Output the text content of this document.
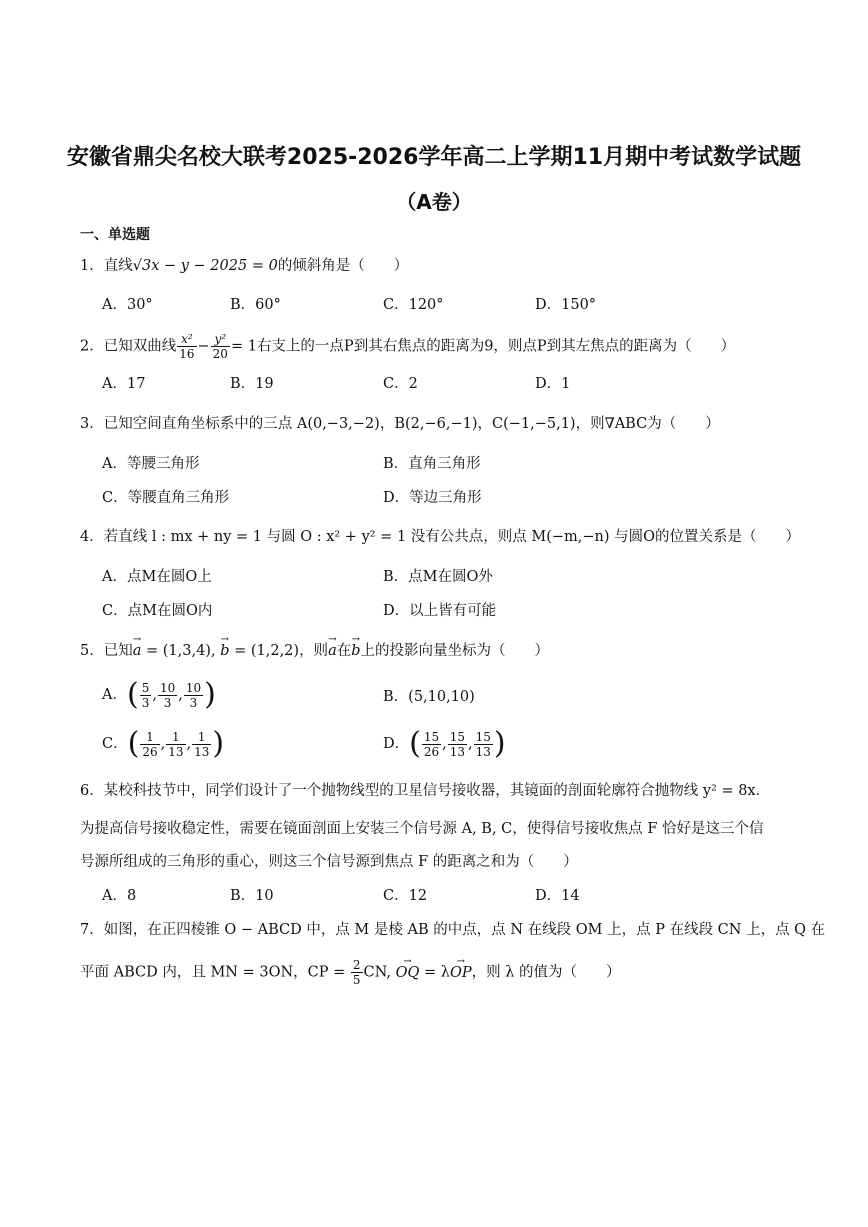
安徽省鼎尖名校大联考2025-2026学年高二上学期11月期中考试数学试题
（A卷）
一、单选题
1．直线√3x − y − 2025 = 0的倾斜角是（　　）
A．30°	B．60°	C．120°	D．150°
2．已知双曲线 $\frac{\text{x²}}{16} - \frac{\text{y²}}{20} = 1$右支上的一点P到其右焦点的距离为9，则点P到其左焦点的距离为（　　）
A．17	B．19	C．2	D．1
3．已知空间直角坐标系中的三点 A(0,−3,−2)，B(2,−6,−1)，C(−1,−5,1)，则∇ABC为（　　）
A．等腰三角形	B．直角三角形
C．等腰直角三角形	D．等边三角形
4．若直线 l : mx + ny = 1 与圆 O : x² + y² = 1 没有公共点，则点 M(−m,−n) 与圆O的位置关系是（　　）
A．点M在圆O上	B．点M在圆O外
C．点M在圆O内	D．以上皆有可能
5．已知→ a = (1,3,4), → b = (1,2,2)，则→ a在→ b上的投影向量坐标为（　　）
A．( $\frac{5}{3}$ , $\frac{10}{3}$ , $\frac{10}{3}$ )	B．(5,10,10)
C．( $\frac{1}{26}$ , $\frac{1}{13}$ , $\frac{1}{13}$ )	D．( $\frac{15}{26}$ , $\frac{15}{13}$ , $\frac{15}{13}$ )
6．某校科技节中，同学们设计了一个抛物线型的卫星信号接收器，其镜面的剖面轮廓符合抛物线 y² = 8x．
为提高信号接收稳定性，需要在镜面剖面上安装三个信号源 A, B, C，使得信号接收焦点 F 恰好是这三个信
号源所组成的三角形的重心，则这三个信号源到焦点 F 的距离之和为（　　）
A．8	B．10	C．12	D．14
7．如图，在正四棱锥 O − ABCD 中，点 M 是棱 AB 的中点，点 N 在线段 OM 上，点 P 在线段 CN 上，点 Q 在
平面 ABCD 内，且 MN = 3ON，CP = $\frac{2}{5}$ CN, → OQ = λ→ OP，则 λ 的值为（　　）
